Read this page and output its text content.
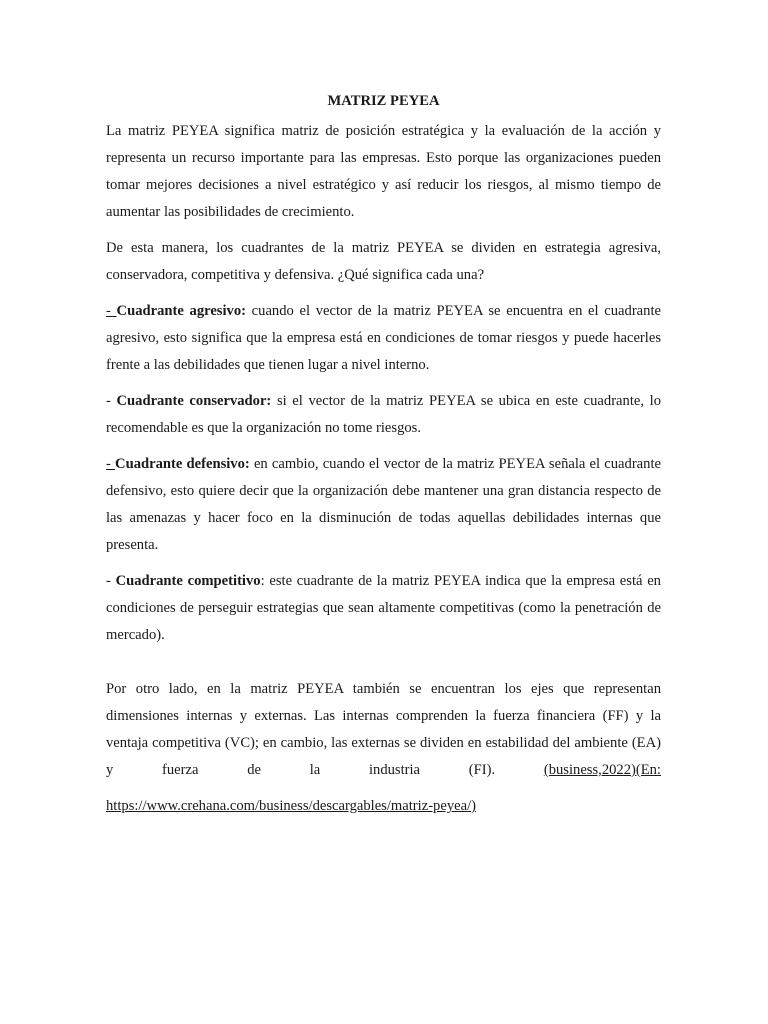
MATRIZ PEYEA

La matriz PEYEA significa matriz de posición estratégica y la evaluación de la acción y representa un recurso importante para las empresas. Esto porque las organizaciones pueden tomar mejores decisiones a nivel estratégico y así reducir los riesgos, al mismo tiempo de aumentar las posibilidades de crecimiento.

De esta manera, los cuadrantes de la matriz PEYEA se dividen en estrategia agresiva, conservadora, competitiva y defensiva. ¿Qué significa cada una?

- Cuadrante agresivo: cuando el vector de la matriz PEYEA se encuentra en el cuadrante agresivo, esto significa que la empresa está en condiciones de tomar riesgos y puede hacerles frente a las debilidades que tienen lugar a nivel interno.

- Cuadrante conservador: si el vector de la matriz PEYEA se ubica en este cuadrante, lo recomendable es que la organización no tome riesgos.

- Cuadrante defensivo: en cambio, cuando el vector de la matriz PEYEA señala el cuadrante defensivo, esto quiere decir que la organización debe mantener una gran distancia respecto de las amenazas y hacer foco en la disminución de todas aquellas debilidades internas que presenta.

- Cuadrante competitivo: este cuadrante de la matriz PEYEA indica que la empresa está en condiciones de perseguir estrategias que sean altamente competitivas (como la penetración de mercado).

Por otro lado, en la matriz PEYEA también se encuentran los ejes que representan dimensiones internas y externas. Las internas comprenden la fuerza financiera (FF) y la ventaja competitiva (VC); en cambio, las externas se dividen en estabilidad del ambiente (EA) y fuerza de la industria (FI). (business,2022)(En:

https://www.crehana.com/business/descargables/matriz-peyea/)
